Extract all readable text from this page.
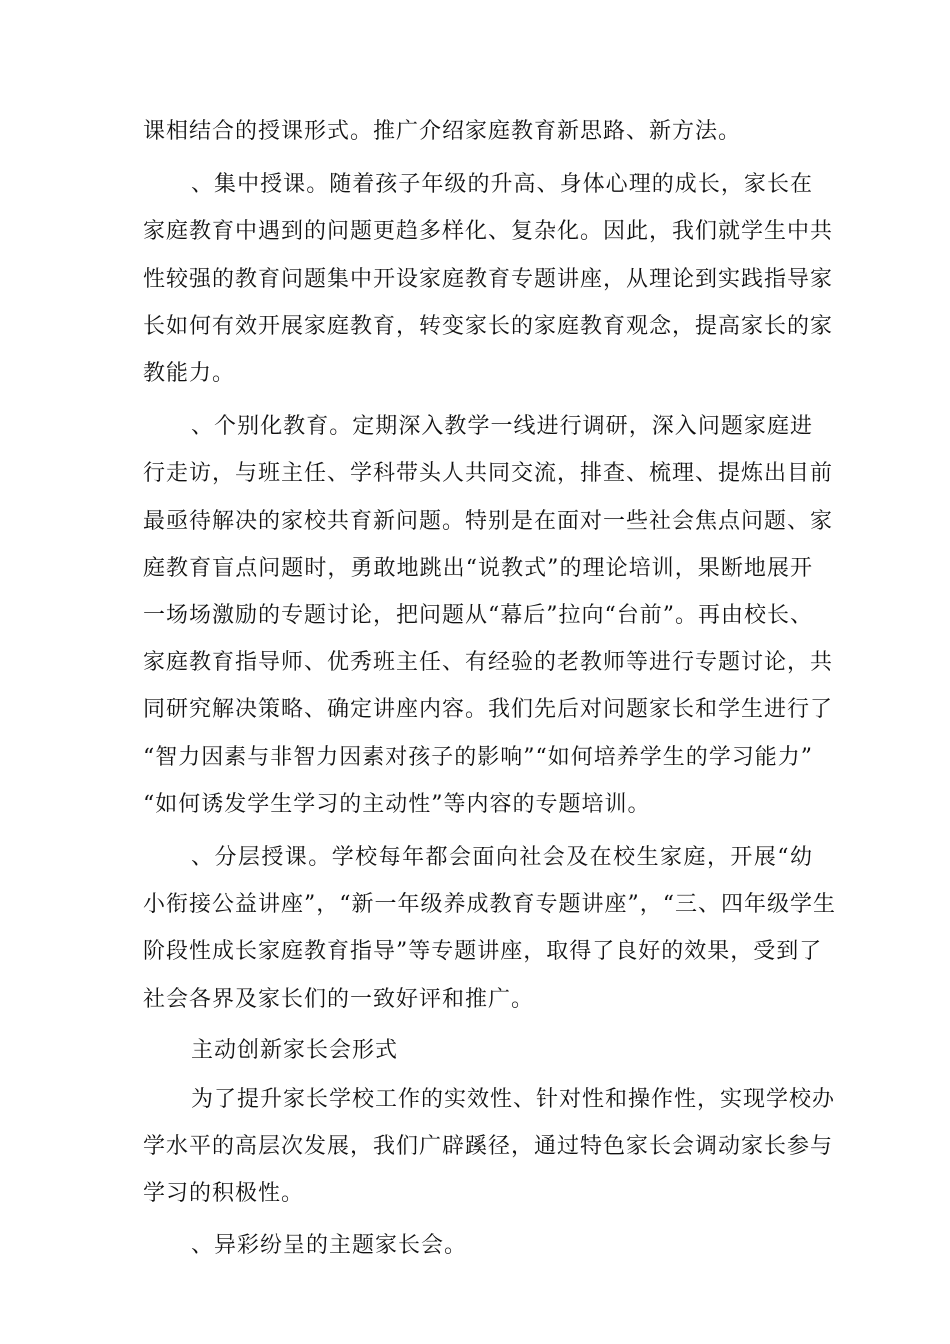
课相结合的授课形式。推广介绍家庭教育新思路、新方法。
、集中授课。随着孩子年级的升高、身体心理的成长，家长在
家庭教育中遇到的问题更趋多样化、复杂化。因此，我们就学生中共
性较强的教育问题集中开设家庭教育专题讲座，从理论到实践指导家
长如何有效开展家庭教育，转变家长的家庭教育观念，提高家长的家
教能力。
、个别化教育。定期深入教学一线进行调研，深入问题家庭进
行走访，与班主任、学科带头人共同交流，排查、梳理、提炼出目前
最亟待解决的家校共育新问题。特别是在面对一些社会焦点问题、家
庭教育盲点问题时，勇敢地跳出“说教式”的理论培训，果断地展开
一场场激励的专题讨论，把问题从“幕后”拉向“台前”。再由校长、
家庭教育指导师、优秀班主任、有经验的老教师等进行专题讨论，共
同研究解决策略、确定讲座内容。我们先后对问题家长和学生进行了
“智力因素与非智力因素对孩子的影响”“如何培养学生的学习能力”
“如何诱发学生学习的主动性”等内容的专题培训。
、分层授课。学校每年都会面向社会及在校生家庭，开展“幼
小衔接公益讲座”，“新一年级养成教育专题讲座”，“三、四年级学生
阶段性成长家庭教育指导”等专题讲座，取得了良好的效果，受到了
社会各界及家长们的一致好评和推广。
主动创新家长会形式
为了提升家长学校工作的实效性、针对性和操作性，实现学校办
学水平的高层次发展，我们广辟蹊径，通过特色家长会调动家长参与
学习的积极性。
、异彩纷呈的主题家长会。
